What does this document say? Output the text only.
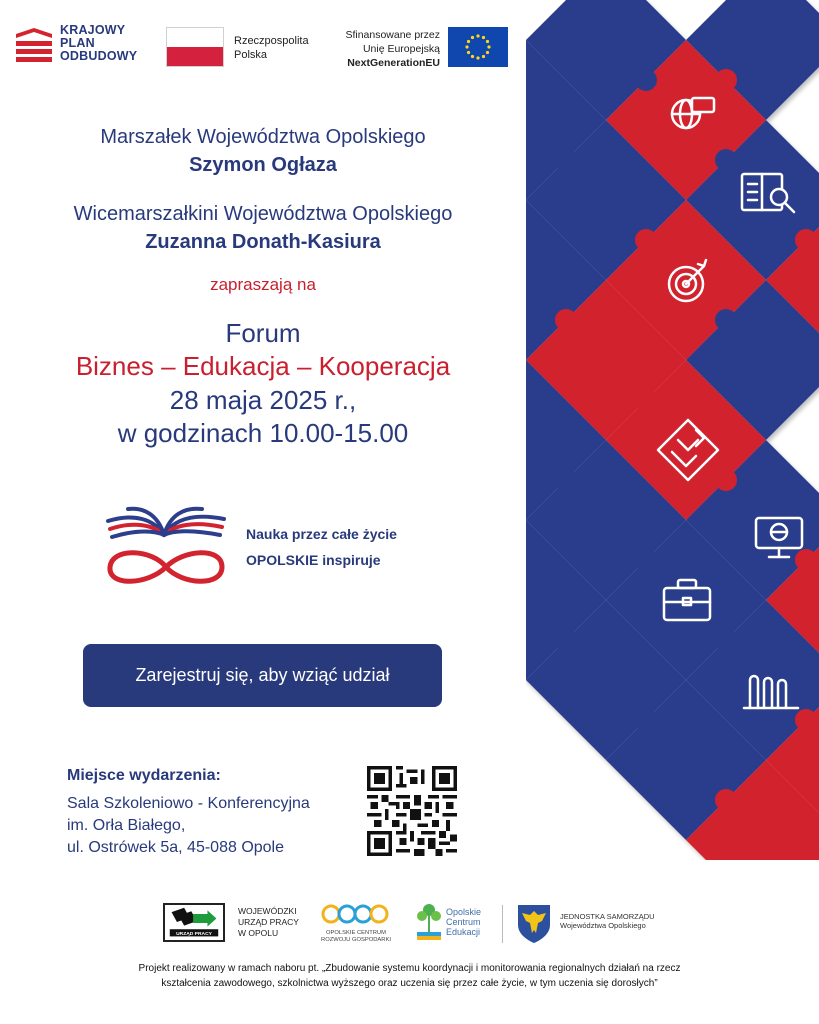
KRAJOWY
PLAN
ODBUDOWY
Rzeczpospolita
Polska
Sfinansowane przez
Unię Europejską
NextGenerationEU
Marszałek Województwa Opolskiego
Szymon Ogłaza
Wicemarszałkini Województwa Opolskiego
Zuzanna Donath-Kasiura
zapraszają na
Forum
Biznes – Edukacja – Kooperacja
28 maja 2025 r.,
w godzinach 10.00-15.00
Nauka przez całe życie
OPOLSKIE inspiruje
Zarejestruj się, aby wziąć udział
Miejsce wydarzenia:
Sala Szkoleniowo - Konferencyjna
im. Orła Białego,
ul. Ostrówek 5a, 45-088 Opole
URZĄD PRACY
WOJEWÓDZKI
URZĄD PRACY
W OPOLU	OPOLSKIE CENTRUM
ROZWOJU GOSPODARKI
Opolskie
Centrum
Edukacji
JEDNOSTKA SAMORZĄDU
Województwa Opolskiego
Projekt realizowany w ramach naboru pt. „Zbudowanie systemu koordynacji i monitorowania regionalnych działań na rzecz
kształcenia zawodowego, szkolnictwa wyższego oraz uczenia się przez całe życie, w tym uczenia się dorosłych”
